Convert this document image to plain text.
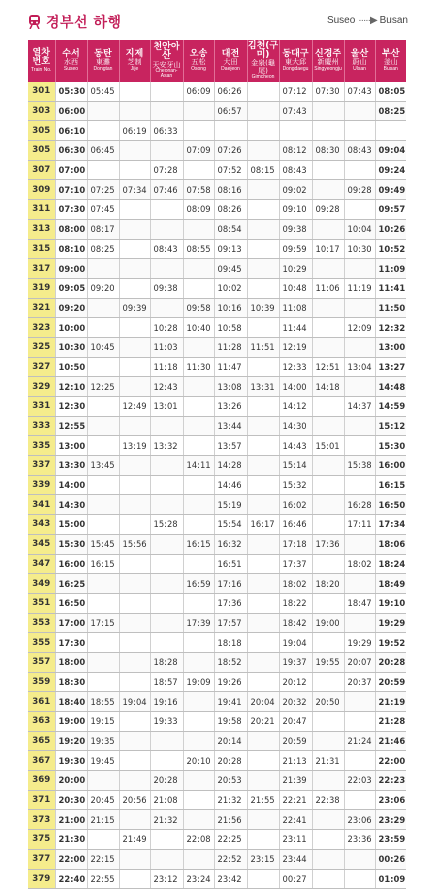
경부선 하행	Suseo ·····▶ Busan
열차
번호
Train No.	수서
水西
Suseo	동탄
東灘
Dongtan	지제
芝制
Jije	천안아산
天安牙山
Cheonan-Asan	오송
五松
Osong	대전
大田
Daejeon	김천(구미)
金泉(龜尾)
Gimcheon	동대구
東大邱
Dongdaegu	신경주
新慶州
Singyeongju	울산
蔚山
Ulsan	부산
釜山
Busan

301	05:30	05:45			06:09	06:26		07:12	07:30	07:43	08:05
303	06:00					06:57		07:43			08:25
305	06:10		06:19	06:33							
305	06:30	06:45			07:09	07:26		08:12	08:30	08:43	09:04
307	07:00			07:28		07:52	08:15	08:43			09:24
309	07:10	07:25	07:34	07:46	07:58	08:16		09:02		09:28	09:49
311	07:30	07:45			08:09	08:26		09:10	09:28		09:57
313	08:00	08:17				08:54		09:38		10:04	10:26
315	08:10	08:25		08:43	08:55	09:13		09:59	10:17	10:30	10:52
317	09:00					09:45		10:29			11:09
319	09:05	09:20		09:38		10:02		10:48	11:06	11:19	11:41
321	09:20		09:39		09:58	10:16	10:39	11:08			11:50
323	10:00			10:28	10:40	10:58		11:44		12:09	12:32
325	10:30	10:45		11:03		11:28	11:51	12:19			13:00
327	10:50			11:18	11:30	11:47		12:33	12:51	13:04	13:27
329	12:10	12:25		12:43		13:08	13:31	14:00	14:18		14:48
331	12:30		12:49	13:01		13:26		14:12		14:37	14:59
333	12:55					13:44		14:30			15:12
335	13:00		13:19	13:32		13:57		14:43	15:01		15:30
337	13:30	13:45			14:11	14:28		15:14		15:38	16:00
339	14:00					14:46		15:32			16:15
341	14:30					15:19		16:02		16:28	16:50
343	15:00			15:28		15:54	16:17	16:46		17:11	17:34
345	15:30	15:45	15:56		16:15	16:32		17:18	17:36		18:06
347	16:00	16:15				16:51		17:37		18:02	18:24
349	16:25				16:59	17:16		18:02	18:20		18:49
351	16:50					17:36		18:22		18:47	19:10
353	17:00	17:15			17:39	17:57		18:42	19:00		19:29
355	17:30					18:18		19:04		19:29	19:52
357	18:00			18:28		18:52		19:37	19:55	20:07	20:28
359	18:30			18:57	19:09	19:26		20:12		20:37	20:59
361	18:40	18:55	19:04	19:16		19:41	20:04	20:32	20:50		21:19
363	19:00	19:15		19:33		19:58	20:21	20:47			21:28
365	19:20	19:35				20:14		20:59		21:24	21:46
367	19:30	19:45			20:10	20:28		21:13	21:31		22:00
369	20:00			20:28		20:53		21:39		22:03	22:23
371	20:30	20:45	20:56	21:08		21:32	21:55	22:21	22:38		23:06
373	21:00	21:15		21:32		21:56		22:41		23:06	23:29
375	21:30		21:49		22:08	22:25		23:11		23:36	23:59
377	22:00	22:15				22:52	23:15	23:44			00:26
379	22:40	22:55		23:12	23:24	23:42		00:27			01:09
